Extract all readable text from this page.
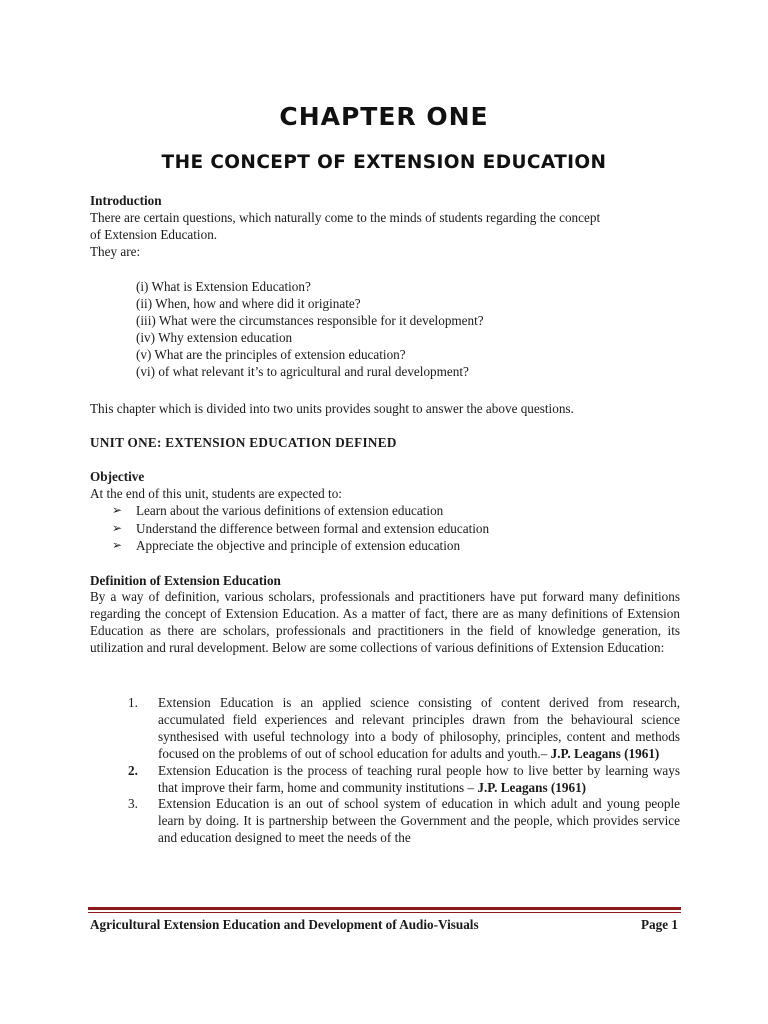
CHAPTER ONE
THE CONCEPT OF EXTENSION EDUCATION
Introduction
There are certain questions, which naturally come to the minds of students regarding the concept
of Extension Education.
They are:
(i) What is Extension Education?
(ii) When, how and where did it originate?
(iii) What were the circumstances responsible for it development?
(iv) Why extension education
(v) What are the principles of extension education?
(vi) of what relevant it’s to agricultural and rural development?
This chapter which is divided into two units provides sought to answer the above questions.
UNIT ONE: EXTENSION EDUCATION DEFINED
Objective
At the end of this unit, students are expected to:
➢	Learn about the various definitions of extension education
➢	Understand the difference between formal and extension education
➢	Appreciate the objective and principle of extension education
Definition of Extension Education
By a way of definition, various scholars, professionals and practitioners have put forward many definitions regarding the concept of Extension Education. As a matter of fact, there are as many definitions of Extension Education as there are scholars, professionals and practitioners in the field of knowledge generation, its utilization and rural development. Below are some collections of various definitions of Extension Education:
1.	Extension Education is an applied science consisting of content derived from research, accumulated field experiences and relevant principles drawn from the behavioural science synthesised with useful technology into a body of philosophy, principles, content and methods focused on the problems of out of school education for adults and youth.– J.P. Leagans (1961)
2.	Extension Education is the process of teaching rural people how to live better by learning ways that improve their farm, home and community institutions – J.P. Leagans (1961)
3.	Extension Education is an out of school system of education in which adult and young people learn by doing. It is partnership between the Government and the people, which provides service and education designed to meet the needs of the
Agricultural Extension Education and Development of Audio-Visuals	Page 1
